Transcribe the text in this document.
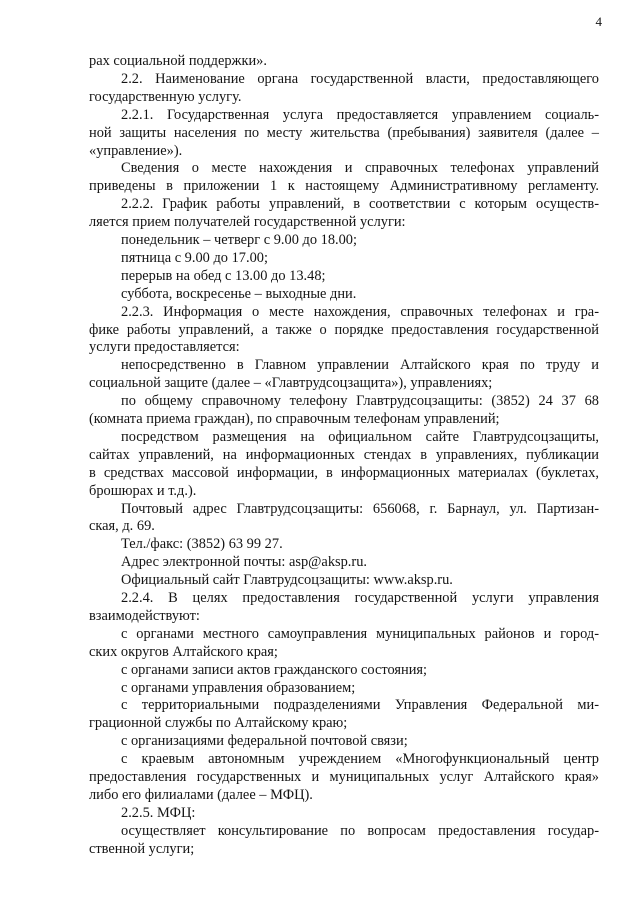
4
рах социальной поддержки».
2.2. Наименование органа государственной власти, предоставляющего
государственную услугу.
2.2.1. Государственная услуга предоставляется управлением социаль-
ной защиты населения по месту жительства (пребывания) заявителя (далее –
«управление»).
Сведения о месте нахождения и справочных телефонах управлений
приведены в приложении 1 к настоящему Административному регламенту.
2.2.2. График работы управлений, в соответствии с которым осуществ-
ляется прием получателей государственной услуги:
понедельник – четверг с 9.00 до 18.00;
пятница с 9.00 до 17.00;
перерыв на обед с 13.00 до 13.48;
суббота, воскресенье – выходные дни.
2.2.3. Информация о месте нахождения, справочных телефонах и гра-
фике работы управлений, а также о порядке предоставления государственной
услуги предоставляется:
непосредственно в Главном управлении Алтайского края по труду и
социальной защите (далее – «Главтрудсоцзащита»), управлениях;
по общему справочному телефону Главтрудсоцзащиты: (3852) 24 37 68
(комната приема граждан), по справочным телефонам управлений;
посредством размещения на официальном сайте Главтрудсоцзащиты,
сайтах управлений, на информационных стендах в управлениях, публикации
в средствах массовой информации, в информационных материалах (буклетах,
брошюрах и т.д.).
Почтовый адрес Главтрудсоцзащиты: 656068, г. Барнаул, ул. Партизан-
ская, д. 69.
Тел./факс: (3852) 63 99 27.
Адрес электронной почты: asp@aksp.ru.
Официальный сайт Главтрудсоцзащиты: www.aksp.ru.
2.2.4. В целях предоставления государственной услуги управления
взаимодействуют:
с органами местного самоуправления муниципальных районов и город-
ских округов Алтайского края;
с органами записи актов гражданского состояния;
с органами управления образованием;
с территориальными подразделениями Управления Федеральной ми-
грационной службы по Алтайскому краю;
с организациями федеральной почтовой связи;
с краевым автономным учреждением «Многофункциональный центр
предоставления государственных и муниципальных услуг Алтайского края»
либо его филиалами (далее – МФЦ).
2.2.5. МФЦ:
осуществляет консультирование по вопросам предоставления государ-
ственной услуги;
